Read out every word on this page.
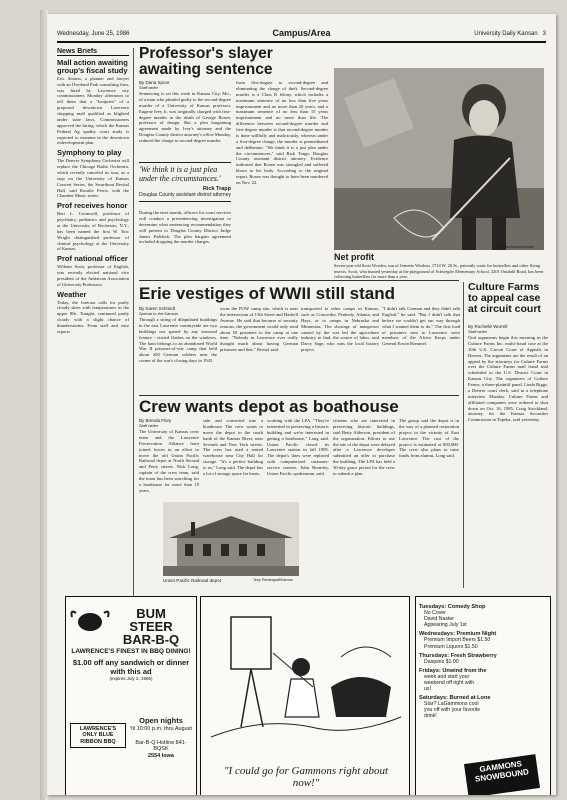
Wednesday, June 25, 1986	Campus/Area	University Daily Kansan 3
News Briefs
Mall action awaiting group's fiscal study

Eric Strauss, a planner and lawyer with an Overland Park consulting firm, was hired by Lawrence city commissioners Monday afternoon to tell them that a "footprint" of a proposed downtown Lawrence shopping mall qualified as blighted under state laws. Commissioners approved the hiring, which the Kansas Federal Ag quality court study is expected to examine in the downtown redevelopment plan.

Symphony to play

The Denver Symphony Orchestra will replace the Chicago Radio Orchestra, which recently canceled its tour, as a stop on the University of Kansas Concert Series, the Swarthout Recital Hall, said Rosalie Ferris, with the Chamber Music series.

Prof receives honor

Bert L. Cromwell, professor of psychiatry, pediatrics and psychology at the University of Rochester, N.Y., has been named the first W. Eric Wright distinguished professor of clinical psychology at the University of Kansas.

Prof national officer

William Scott, professor of English, was recently elected national vice president of the American Association of University Professors.

Weather

Today, the forecast calls for partly cloudy skies with temperatures in the upper 80s. Tonight, continued partly cloudy with a slight chance of thunderstorms. From staff and wire reports

Professor's slayer awaiting sentence

By Dana Spoor

Staff writer

Sentencing is set this week in Kansas City, Mo., of a man who pleaded guilty to the second-degree murder of a University of Kansas professor. Eugene Ivey Jr. was originally charged with first-degree murder in the death of George Rosen, professor of design. But a plea bargaining agreement made by Ivey's attorney and the Douglas County district attorney's office Monday, reduced the charge to second-degree murder.

'We think it is a just plea under the circumstances.'
Rick Trapp
Douglas County assistant district attorney

During the next month, officers for court services will conduct a presentencing investigation to determine what sentencing recommendation they will present to Douglas County District Judge James Paddock. The plea bargain agreement included dropping the murder charges.

from first-degree to second-degree and eliminating the charge of theft. Second-degree murder is a Class B felony, which includes a maximum sentence of no less than five years imprisonment and no more than 20 years, and a maximum sentence of no less than 15 years imprisonment and no more than life. The difference between second-degree murder and first-degree murder is that second-degree murder is done willfully and maliciously, whereas under a first-degree charge, the murder is premeditated and deliberate. "We think it is a just plea under the circumstances," said Rick Trapp, Douglas County assistant district attorney. Evidence indicated that Rosen was strangled and suffered blows to his body. According to the original report, Rosen was thought to have been murdered on Nov. 22.

Shawna Kamer/Kansan
Net profit
Seven-year-old Scott Worden, son of Jeanette Wisdom, 1714 W. 20 St., patiently waits for butterflies and other flying insects. Scott, who hunted yesterday at the playground of Schwegler Elementary School, 2201 Ousdahl Road, has been collecting butterflies for more than a year.
Culture Farms to appeal case at circuit court

By Rochelle Worrell

Staff writer

Oral arguments begin this morning in the Culture Farms Inc. multi-fraud case at the 10th U.S. Circuit Court of Appeals in Denver. The arguments are the result of an appeal by the attorneys for Culture Farms over the Culture Farms mail fraud trial scheduled in the U.S. District Court in Kansas City. The organizers of Culture Farms, a three-plaintiff panel, Linda Riggs, a Denver court clerk, said in a telephone interview Monday. Culture Farms and affiliated companies were ordered to shut down on Oct. 16, 1985, Craig Strickland, attorney for the Kansas Securities Commission in Topeka, said yesterday.

Erie vestiges of WWII still stand

By Karen Schmidt

Special to the Kansan

Through a string of dilapidated buildings in the east Lawrence countryside are two buildings not spared by any seasonal feature - visited flashes on the windows. The barn belongs to an abandoned World War II prisoner-of-war camp that held about 200 German soldiers near the corner of the war's closing days in 1945.

owns the POW camp site, which is near the intersection of 15th Street and Haskell Avenue. He said that because of security reasons, the government would only send about 50 prisoners to the camp at one time. "Nobody in Lawrence ever really thought much about having German prisoners and that," Bristol said.

transported to other camps in Kansas, such as Concordia, Peabody, Atlanta, and Hays, or to camps in Nebraska and Minnesota. The shortage of manpower caused by the war led the agriculture industry to find, the source of labor, said Darcy Sage, who runs the local history project.

"I didn't talk German and they didn't talk English," he said. "But I didn't talk that before we couldn't get our way through what I wanted them to do." The first load of prisoners sent to Lawrence were members of the Africa Korps under General Erwin Rommel.

Crew wants depot as boathouse

By Brenda Flory

Staff writer

The University of Kansas crew team and the Lawrence Preservation Alliance have joined forces in an effort to move the old Union Pacific Railroad depot at North Second and Perry streets. Nick Long, captain of the crew team, said the team has been searching for a boathouse for more than 10 years.

side and converted into a boathouse. The crew wants to move the depot to the south bank of the Kansas River, near Seventh and New York streets. The crew has used a rented warehouse near City Hall for storage. "It's a perfect building to us," Long said. The depot has a lot of storage space for boats.

working with the LPA. "They're interested in preserving a historic building and we're interested in getting a boathouse," Long said. Union Pacific closed its Lawrence station in fall 1985. The depot's lines were replaced with computerized customer-service centers, John Bromley, Union Pacific spokesman, said.

citizens who are interested in preserving historic buildings, said Betty Alderson, president of the organization. Efforts to use the site of the depot were delayed after a Lawrence developer submitted an offer to purchase the building. The LPA has held a 30-day grace period for the crew to submit a plan.

The group said the depot is in the way of a planned restoration project in the vicinity of East Lawrence. The cost of the project is estimated at $50,000. The crew also plans to raise funds from alumni, Long said.

Terry Pendergraft/Kansan
Union Pacific Railroad depot
BUM
STEER
BAR-B-Q
LAWRENCE'S FINEST IN BBQ DINING!
$1.00 off any sandwich or dinner with this ad
(expires July 2, 1986)
LAWRENCE'S ONLY BLUE RIBBON BBQ
Open nights
'til 10:00 p.m. thru August
Bar-B-Q Hotline 841-BQSK
2554 Iowa
"I could go for Gammons right about now!"
Tuesdays: Comedy Shop
No Cover
David Naster
Appearing July 1st
Wednesdays: Premium Night
Premium Import Beers $1.50
Premium Liquors $1.50
Thursdays: Fresh Strawberry
Daiquiris $1.00
Fridays: Unwind from the
week and start your
weekend off right with
us!
Saturdays: Burned at Lone
Star? LaGammons cool
you off with your favorite
drink!
GAMMONS SNOWBOUND
